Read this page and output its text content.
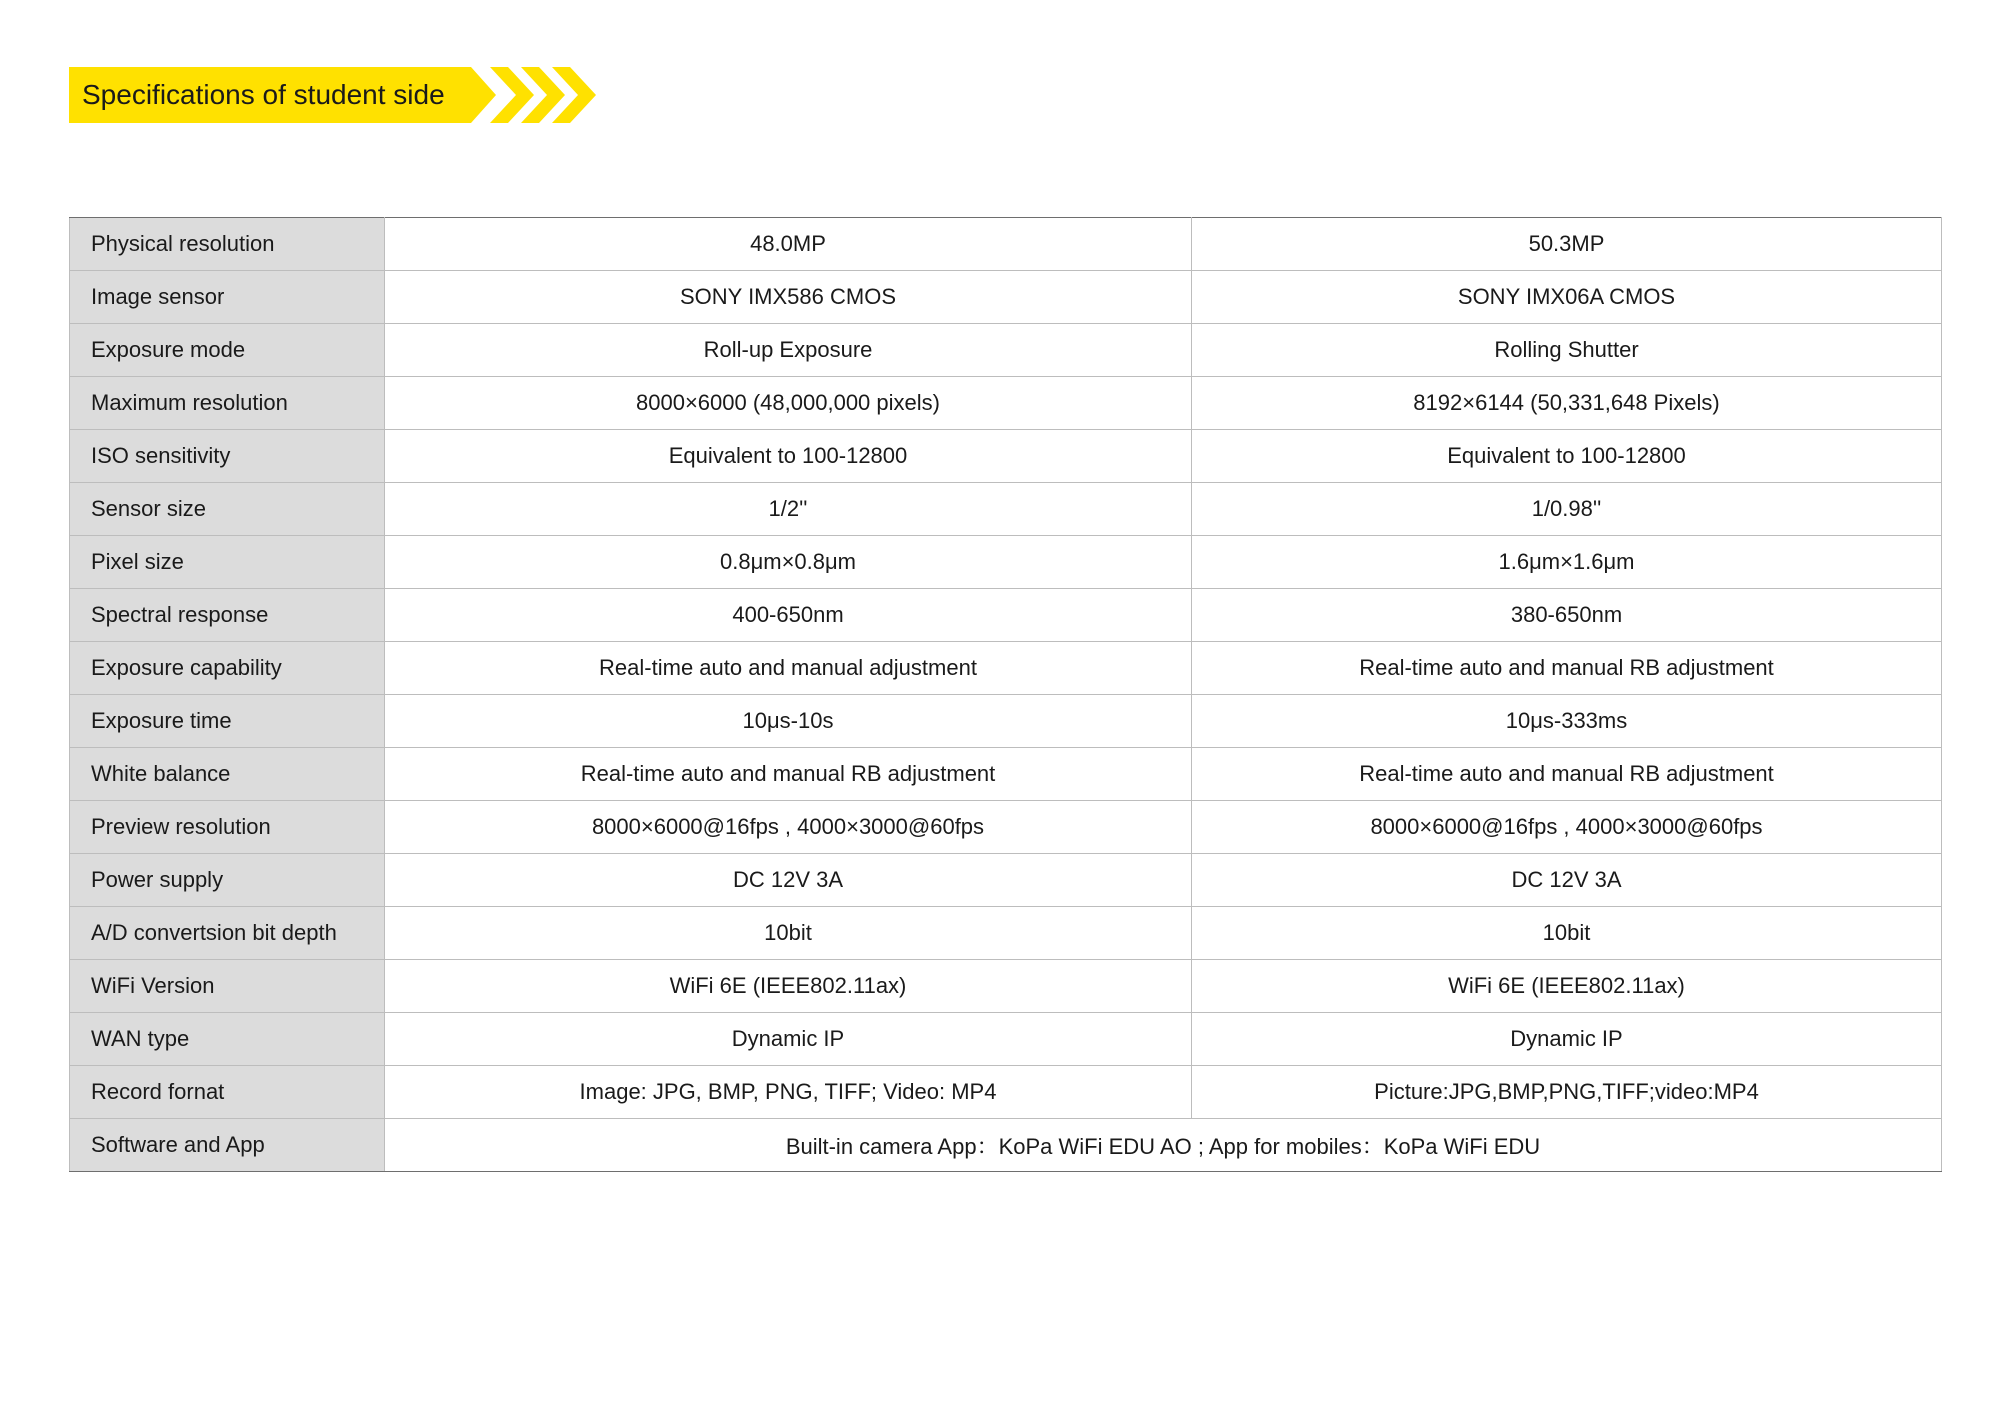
Specifications of student side
Physical resolution	48.0MP	50.3MP
Image sensor	SONY IMX586 CMOS	SONY IMX06A CMOS
Exposure mode	Roll-up Exposure	Rolling Shutter
Maximum resolution	8000×6000 (48,000,000 pixels)	8192×6144 (50,331,648 Pixels)
ISO sensitivity	Equivalent to 100-12800	Equivalent to 100-12800
Sensor size	1/2''	1/0.98''
Pixel size	0.8μm×0.8μm	1.6μm×1.6μm
Spectral response	400-650nm	380-650nm
Exposure capability	Real-time auto and manual adjustment	Real-time auto and manual RB adjustment
Exposure time	10μs-10s	10μs-333ms
White balance	Real-time auto and manual RB adjustment	Real-time auto and manual RB adjustment
Preview resolution	8000×6000@16fps , 4000×3000@60fps	8000×6000@16fps , 4000×3000@60fps
Power supply	DC 12V 3A	DC 12V 3A
A/D convertsion bit depth	10bit	10bit
WiFi Version	WiFi 6E (IEEE802.11ax)	WiFi 6E (IEEE802.11ax)
WAN type	Dynamic IP	Dynamic IP
Record fornat	Image: JPG, BMP, PNG, TIFF; Video: MP4	Picture:JPG,BMP,PNG,TIFF;video:MP4
Software and App	Built-in camera App：KoPa WiFi EDU AO ; App for mobiles：KoPa WiFi EDU	
